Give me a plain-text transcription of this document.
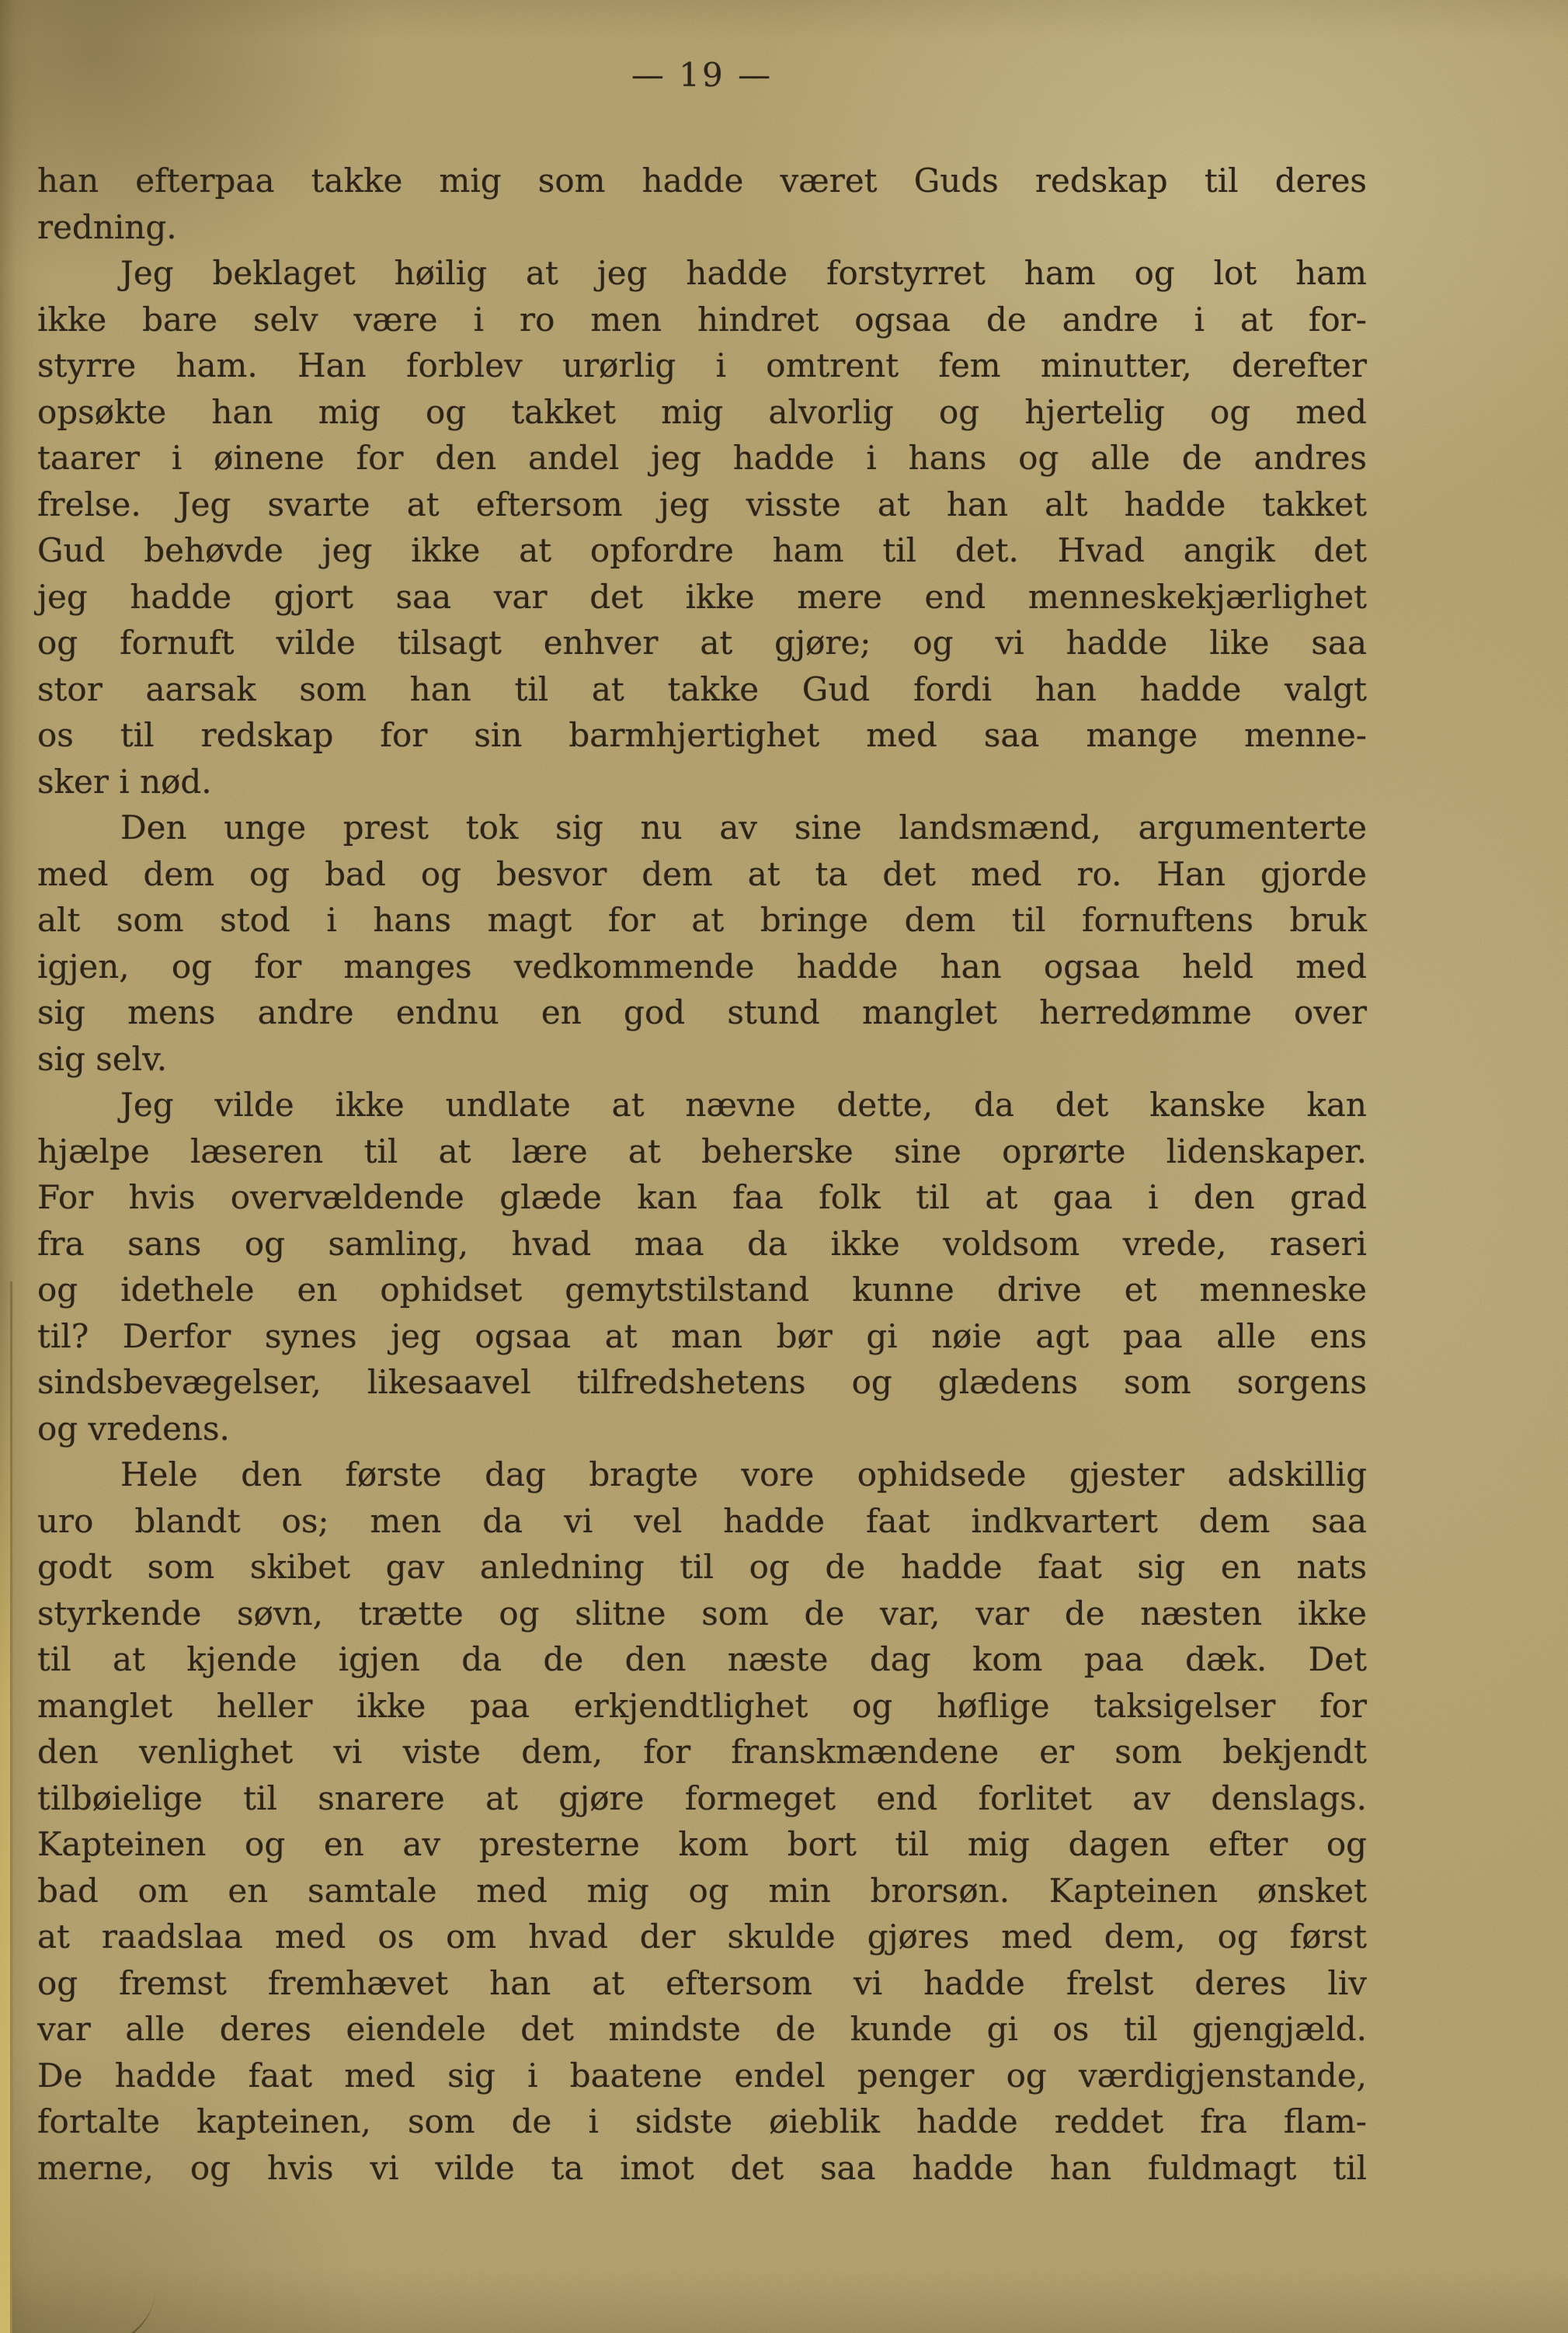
— 19 —
han efterpaa takke mig som hadde været Guds redskap til deres
redning.
Jeg beklaget høilig at jeg hadde forstyrret ham og lot ham
ikke bare selv være i ro men hindret ogsaa de andre i at for-
styrre ham. Han forblev urørlig i omtrent fem minutter, derefter
opsøkte han mig og takket mig alvorlig og hjertelig og med
taarer i øinene for den andel jeg hadde i hans og alle de andres
frelse. Jeg svarte at eftersom jeg visste at han alt hadde takket
Gud behøvde jeg ikke at opfordre ham til det. Hvad angik det
jeg hadde gjort saa var det ikke mere end menneskekjærlighet
og fornuft vilde tilsagt enhver at gjøre; og vi hadde like saa
stor aarsak som han til at takke Gud fordi han hadde valgt
os til redskap for sin barmhjertighet med saa mange menne-
sker i nød.
Den unge prest tok sig nu av sine landsmænd, argumenterte
med dem og bad og besvor dem at ta det med ro. Han gjorde
alt som stod i hans magt for at bringe dem til fornuftens bruk
igjen, og for manges vedkommende hadde han ogsaa held med
sig mens andre endnu en god stund manglet herredømme over
sig selv.
Jeg vilde ikke undlate at nævne dette, da det kanske kan
hjælpe læseren til at lære at beherske sine oprørte lidenskaper.
For hvis overvældende glæde kan faa folk til at gaa i den grad
fra sans og samling, hvad maa da ikke voldsom vrede, raseri
og idethele en ophidset gemytstilstand kunne drive et menneske
til? Derfor synes jeg ogsaa at man bør gi nøie agt paa alle ens
sindsbevægelser, likesaavel tilfredshetens og glædens som sorgens
og vredens.
Hele den første dag bragte vore ophidsede gjester adskillig
uro blandt os; men da vi vel hadde faat indkvartert dem saa
godt som skibet gav anledning til og de hadde faat sig en nats
styrkende søvn, trætte og slitne som de var, var de næsten ikke
til at kjende igjen da de den næste dag kom paa dæk. Det
manglet heller ikke paa erkjendtlighet og høflige taksigelser for
den venlighet vi viste dem, for franskmændene er som bekjendt
tilbøielige til snarere at gjøre formeget end forlitet av denslags.
Kapteinen og en av presterne kom bort til mig dagen efter og
bad om en samtale med mig og min brorsøn. Kapteinen ønsket
at raadslaa med os om hvad der skulde gjøres med dem, og først
og fremst fremhævet han at eftersom vi hadde frelst deres liv
var alle deres eiendele det mindste de kunde gi os til gjengjæld.
De hadde faat med sig i baatene endel penger og værdigjenstande,
fortalte kapteinen, som de i sidste øieblik hadde reddet fra flam-
merne, og hvis vi vilde ta imot det saa hadde han fuldmagt til
